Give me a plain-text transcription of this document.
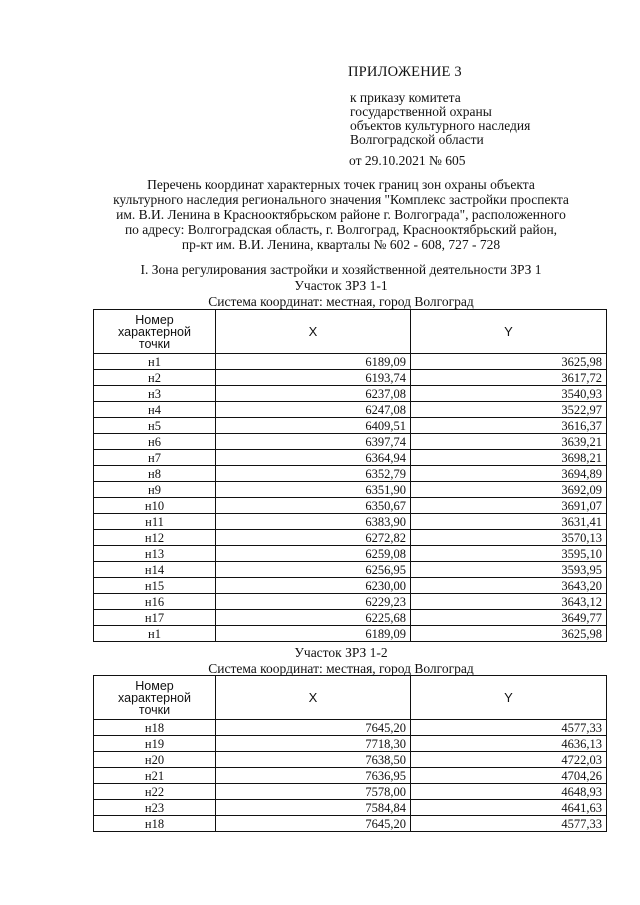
ПРИЛОЖЕНИЕ 3
к приказу комитета
государственной охраны
объектов культурного наследия
Волгоградской области
от 29.10.2021 № 605
Перечень координат характерных точек границ зон охраны объекта
культурного наследия регионального значения "Комплекс застройки проспекта
им. В.И. Ленина в Краснооктябрьском районе г. Волгограда", расположенного
по адресу: Волгоградская область, г. Волгоград, Краснооктябрьский район,
пр-кт им. В.И. Ленина, кварталы № 602 - 608, 727 - 728
I. Зона регулирования застройки и хозяйственной деятельности ЗРЗ 1
Участок ЗРЗ 1-1
Система координат: местная, город Волгоград
Номер
характерной
точки	X	Y
н1	6189,09	3625,98
н2	6193,74	3617,72
н3	6237,08	3540,93
н4	6247,08	3522,97
н5	6409,51	3616,37
н6	6397,74	3639,21
н7	6364,94	3698,21
н8	6352,79	3694,89
н9	6351,90	3692,09
н10	6350,67	3691,07
н11	6383,90	3631,41
н12	6272,82	3570,13
н13	6259,08	3595,10
н14	6256,95	3593,95
н15	6230,00	3643,20
н16	6229,23	3643,12
н17	6225,68	3649,77
н1	6189,09	3625,98
Участок ЗРЗ 1-2
Система координат: местная, город Волгоград
Номер
характерной
точки	X	Y
н18	7645,20	4577,33
н19	7718,30	4636,13
н20	7638,50	4722,03
н21	7636,95	4704,26
н22	7578,00	4648,93
н23	7584,84	4641,63
н18	7645,20	4577,33
